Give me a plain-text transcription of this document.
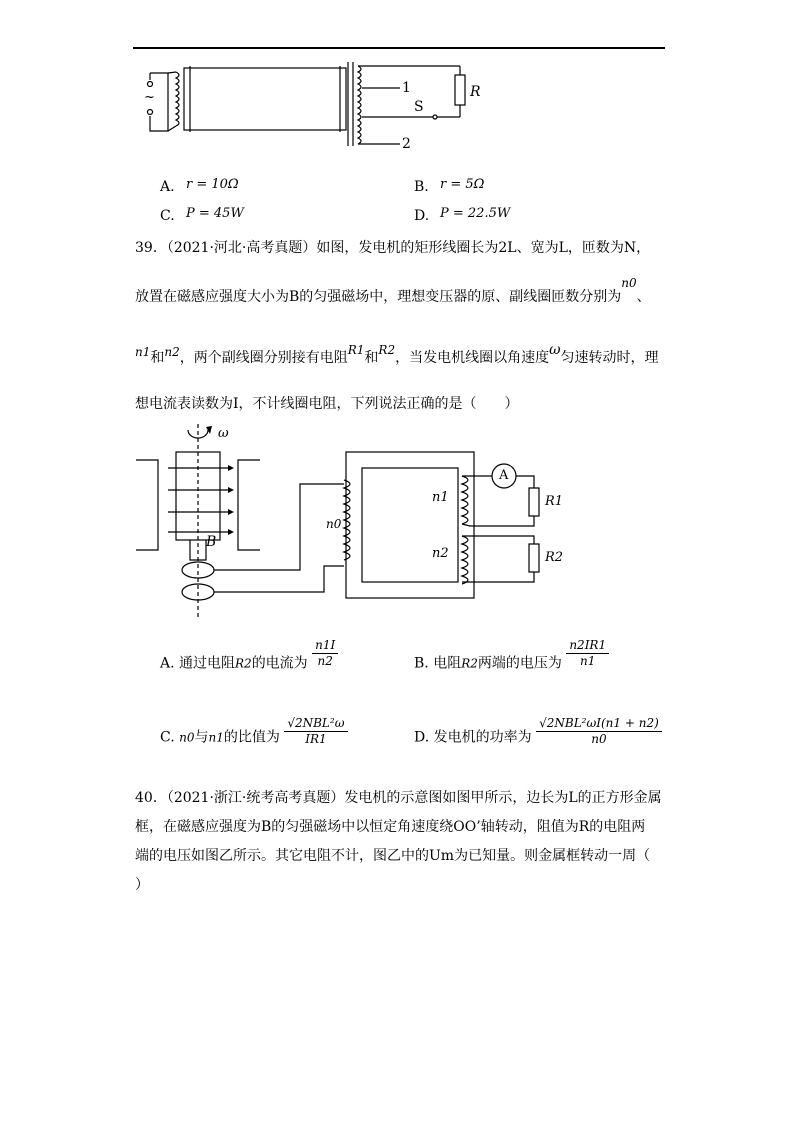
~
1
2
S
R
A. r = 10Ω	B. r = 5Ω
C. P = 45W	D. P = 22.5W
39．（2021·河北·高考真题）如图，发电机的矩形线圈长为2L、宽为L，匝数为N，
放置在磁感应强度大小为B的匀强磁场中，理想变压器的原、副线圈匝数分别为n0、
n1和n2，两个副线圈分别接有电阻R1和R2，当发电机线圈以角速度ω匀速转动时，理
想电流表读数为I，不计线圈电阻，下列说法正确的是（　　）
ω
B
n0
n1
n2
A
R1
R2
A. 通过电阻R2的电流为 $\frac{n1I}{n2}$	B. 电阻R2两端的电压为 $\frac{n2IR1}{n1}$
C. n0与n1的比值为 $\frac{\text{√2NBL²ω}}{IR1}$	D. 发电机的功率为 $\frac{\text{√2NBL²ωI(n1 + n2)}}{n0}$
40．（2021·浙江·统考高考真题）发电机的示意图如图甲所示，边长为L的正方形金属
框，在磁感应强度为B的匀强磁场中以恒定角速度绕OO’轴转动，阻值为R的电阻两
端的电压如图乙所示。其它电阻不计，图乙中的Um为已知量。则金属框转动一周（
）
